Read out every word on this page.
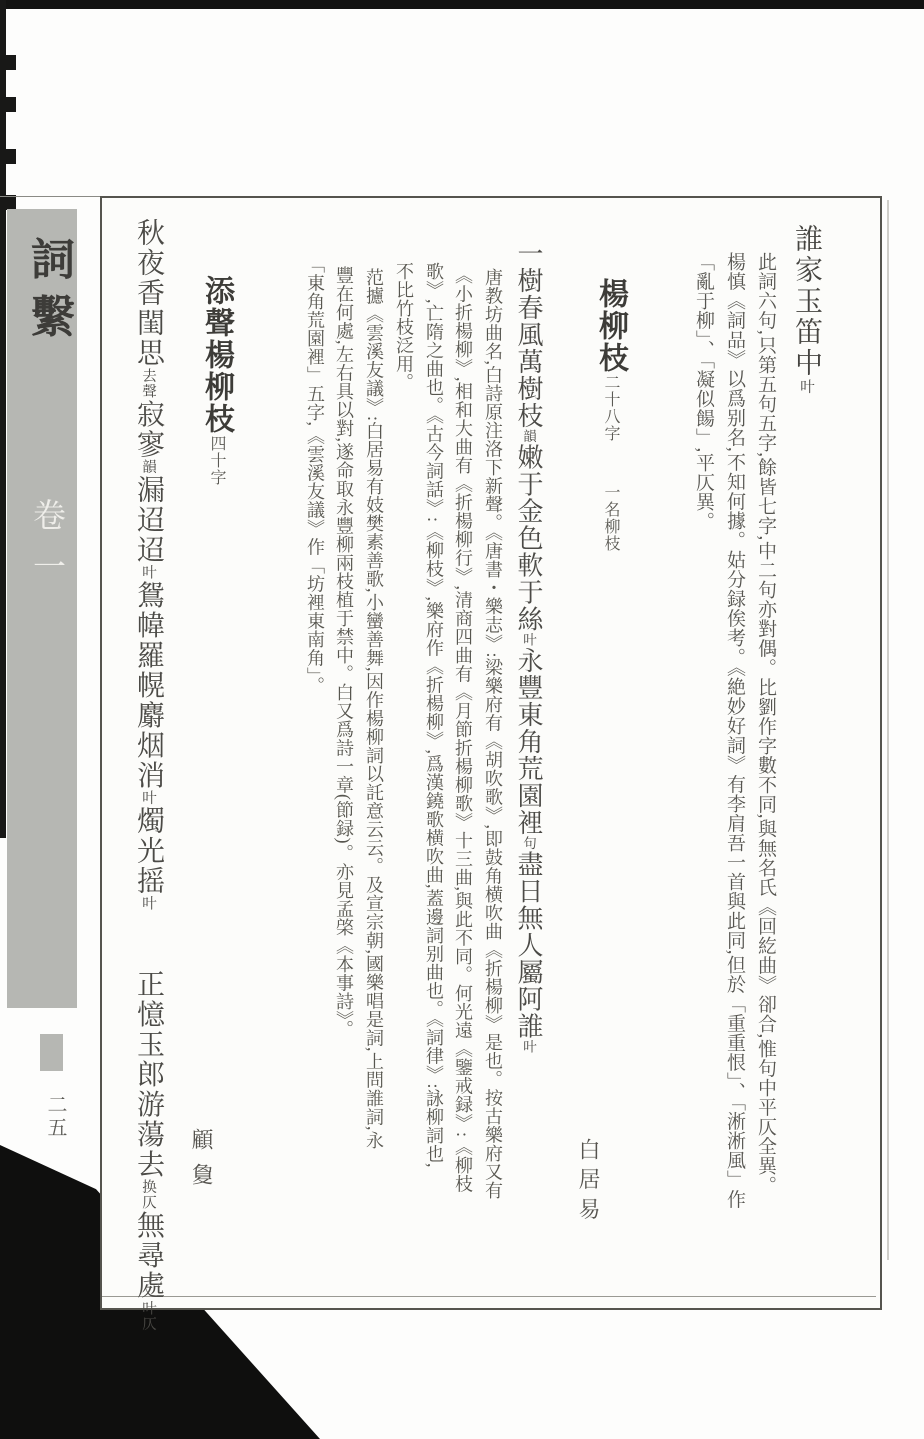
詞繫
卷一
二五
誰家玉笛中叶
此詞六句,只第五句五字,餘皆七字,中二句亦對偶。比劉作字數不同,與無名氏《回紇曲》卻合,惟句中平仄全異。
楊慎《詞品》以爲别名,不知何據。姑分録俟考。《絶妙好詞》有李肩吾一首與此同,但於「重重恨」、「淅淅風」作
「亂于柳」、「凝似餳」,平仄異。
楊柳枝二十八字一名柳枝
白居易
一樹春風萬樹枝韻嫩于金色軟于絲叶永豐東角荒園裡句盡日無人屬阿誰叶
唐教坊曲名,白詩原注洛下新聲。《唐書・樂志》:梁樂府有《胡吹歌》,即鼓角横吹曲《折楊柳》是也。按古樂府又有
《小折楊柳》,相和大曲有《折楊柳行》,清商四曲有《月節折楊柳歌》十三曲,與此不同。何光遠《鑒戒録》:《柳枝
歌》,亡隋之曲也。《古今詞話》:《柳枝》,樂府作《折楊柳》,爲漢鐃歌横吹曲,蓋邊詞别曲也。《詞律》:詠柳詞也,
不比竹枝泛用。
范攄《雲溪友議》:白居易有妓樊素善歌,小蠻善舞,因作楊柳詞以託意云云。及宣宗朝,國樂唱是詞,上問誰詞,永
豐在何處,左右具以對,遂命取永豐柳兩枝植于禁中。白又爲詩一章(節録)。亦見孟棨《本事詩》。
「東角荒園裡」五字,《雲溪友議》作「坊裡東南角」。
添聲楊柳枝四十字
顧敻
秋夜香閨思去聲寂寥韻漏迢迢叶鴛幃羅幌麝烟消叶燭光摇叶正憶玉郎游蕩去换仄無尋處叶仄
